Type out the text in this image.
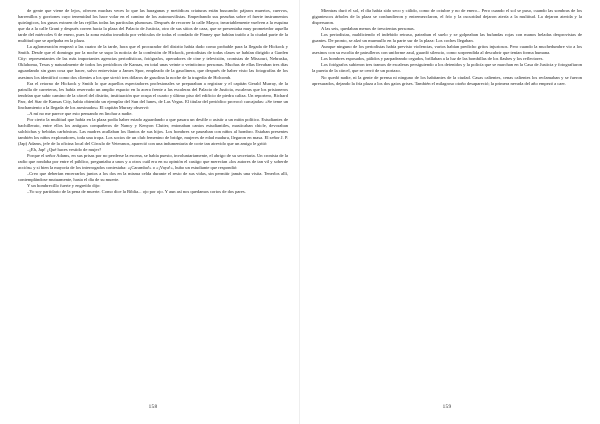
de gente que viene de lejos, ofrecen muchas veces lo que las haraganas y metódicas criaturas están buscando: pájaros muertos, cuervos, barrenillos y gorriones cuyo tenemidad los hace volar en el camino de los automovilistas. Empedrando sus pezuñas sobre el fuerte instrumentos quirúrgicos, los gusos extraen de las rejillas todas las partículas plumosas. Después de recorrer la calle Mayor, invariablemente vuelven a la esquina que da a la calle Grant y después corren hacia la plaza del Palacio de Justicia, otro de sus sitios de caza, que se presentaba muy prometedor aquella tarde del miércoles 6 de enero, pues la zona estaba invadida por vehículos de todas el condado de Finney que habían traído a la ciudad parte de la multitud que se apelpaba en la plaza.

La aglomeración empezó a las cuatro de la tarde, hora que el procurador del distrito había dado como probable para la llegada de Hickock y Smith. Desde que el domingo por la noche se supo la noticia de la confesión de Hickock, periodistas de todas clases se habían dirigido a Garden City: representantes de las más importantes agencias periodísticas, fotógrafos, operadores de cine y televisión, cronistas de Missouri, Nebraska, Oklahoma, Texas y naturalmente de todos los periódicos de Kansas, en total unas veinte o veinticinco personas. Muchas de ellas llevaban tres días aguardando sin gran cosa que hacer, salvo entrevistar a James Spor, empleado de la gasolinera, que después de haber visto las fotografías de los asesinos los identificó como dos clientes a los que sirvió tres dólaros de gasolina la noche de la tragedia de Holcomb.

Era el retorno de Hickock y Smith lo que aquellos espectadores profesionales se preparaban a registrar y el capitán Gerald Murray, de la patrulla de carreteras, les había reservado un amplio espacio en la acera frente a las escaleras del Palacio de Justicia, escaleras que los prisioneros tendrían que subir camino de la cárcel del distrito, instituación que ocupa el cuarto y último piso del edificio de piedra caliza. Un reportero, Richard Parr, del Star de Kansas City, había obtenido un ejemplar del Sun del lunes, de Las Vegas. El titular del periódico provocó carcajadas: «Se teme un linchamiento a la llegada de los asesinados» El capitán Murray observó:

–A mí no me parece que esto pensando en linchar a nadie.

Por cierto la multitud que había en la plaza podía haber estado aguardando a que pasara un desfile o asistir a un mitin político. Estudiantes de bachillerato, entre ellos los antiguos compañeros de Nancy y Kenyon Clutter, entonaban cantos estudiantiles, masticaban chicle, devoraban salchichas y bebidas carbónicas. Las madres acallaban los llantos de sus hijos. Los hombres se paseaban con niños al hombro. Estaban presentes también los niños exploradores, toda una tropa. Los socios de un club femenino de bridge, mujeres de edad madura, llegaron en masa. El señor J. P. (Jap) Adams, jefe de la oficina local del Círculo de Veteranos, apareció con una indumentaria de corte tan atrevido que un amigo le gritó:

–¡Eh, Jap! ¿Qué haces vestido de mujer?

Porque el señor Adams, en sus prisas por no perderse la escena, se había puesto, involuntariamente, el abrigo de su secretaria. Un cronista de la radio que rondaba por entre el público, preguntaba a unos y a otros cuál era en su opinión el castigo que merecían «los autores de tan vil y soberde acción» y si bien la mayoría de los interrogados contestaba: «¡Caramba!» o «¡Vaya!», hubo un estudiante que respondió:

–Creo que deberían encerrarlos juntos a los dos en la misma celda durante el resto de sus vidas, sin permitir jamás una visita. Tenerlos allí, contemplándose mutuamente, hasta el día de su muerte.

Y un hombrecillo fuerte y engreído dijo:

–Yo soy partidario de la pena de muerte. Como dice la Biblia... ojo por ojo. Y aun así nos quedamos cortos de dos pares.

158

Mientras duró el sol, el día había sido seco y cálido, como de octubre y no de enero... Pero cuando el sol se puso, cuando las sombras de los gigantescos árboles de la plaza se confundieron y entremezclaron, el frío y la oscuridad dejaron atería a la multitud. La dejaron aterida y la dispersaron.

A las seis, quedaban menos de trescientas personas.

Los periodistas, maldiciendo el indebido retraso, pateaban el suelo y se golpeaban las bufandas rojas con manos heladas desprovistas de guantes. De pronto, se alzó un murmullo en la parte sur de la plaza: Los coches llegaban.

Aunque ninguno de los periodistas había previsto violencias, varios habían predicho gritos injuriosos. Pero cuando la muchedumbre vio a los asesinos con su escolta de patrulleros con uniforme azul, guardó silencio, como sorprendida al descubrir que tenían forma humana.

Los hombres esposados, pálidos y parpadeando cegados, brillaban a la luz de las bombillas de los flashes y los reflectores.

Los fotógrafos subieron tres tramos de escaleras persiguiendo a los detenidos y la policía que se marchan en la Casa de Justicia y fotografiaron la puerta de la cárcel, que se cerró de un portazo.

No quedó nadie, ni la gente de prensa ni ninguno de los habitantes de la ciudad. Casas calientes, cenas calientes los reclamaban y se fueron apresurados, dejando la fría plaza a los dos gatos grises. También el milagroso otoño desapareció; la primera nevada del año empezó a caer.

159
